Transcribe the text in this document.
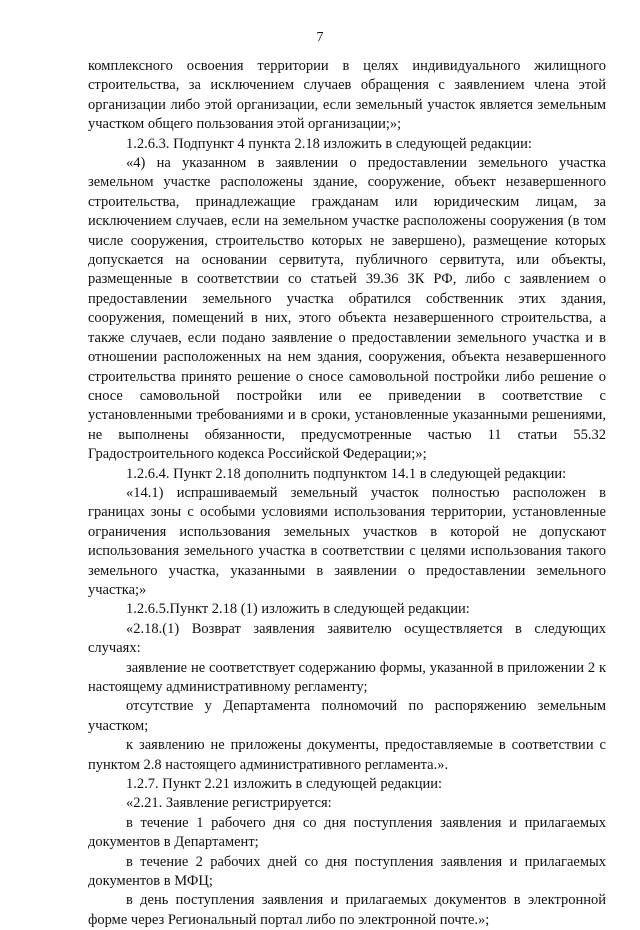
7

комплексного освоения территории в целях индивидуального жилищного строительства, за исключением случаев обращения с заявлением члена этой организации либо этой организации, если земельный участок является земельным участком общего пользования этой организации;»;

1.2.6.3. Подпункт 4 пункта 2.18 изложить в следующей редакции:

«4) на указанном в заявлении о предоставлении земельного участка земельном участке расположены здание, сооружение, объект незавершенного строительства, принадлежащие гражданам или юридическим лицам, за исключением случаев, если на земельном участке расположены сооружения (в том числе сооружения, строительство которых не завершено), размещение которых допускается на основании сервитута, публичного сервитута, или объекты, размещенные в соответствии со статьей 39.36 ЗК РФ, либо с заявлением о предоставлении земельного участка обратился собственник этих здания, сооружения, помещений в них, этого объекта незавершенного строительства, а также случаев, если подано заявление о предоставлении земельного участка и в отношении расположенных на нем здания, сооружения, объекта незавершенного строительства принято решение о сносе самовольной постройки либо решение о сносе самовольной постройки или ее приведении в соответствие с установленными требованиями и в сроки, установленные указанными решениями, не выполнены обязанности, предусмотренные частью 11 статьи 55.32 Градостроительного кодекса Российской Федерации;»;

1.2.6.4. Пункт 2.18 дополнить подпунктом 14.1 в следующей редакции:

«14.1) испрашиваемый земельный участок полностью расположен в границах зоны с особыми условиями использования территории, установленные ограничения использования земельных участков в которой не допускают использования земельного участка в соответствии с целями использования такого земельного участка, указанными в заявлении о предоставлении земельного участка;»

1.2.6.5.Пункт 2.18 (1) изложить в следующей редакции:

«2.18.(1) Возврат заявления заявителю осуществляется в следующих случаях:

заявление не соответствует содержанию формы, указанной в приложении 2 к настоящему административному регламенту;

отсутствие у Департамента полномочий по распоряжению земельным участком;

к заявлению не приложены документы, предоставляемые в соответствии с пунктом 2.8 настоящего административного регламента.».

1.2.7. Пункт 2.21 изложить в следующей редакции:

«2.21. Заявление регистрируется:

в течение 1 рабочего дня со дня поступления заявления и прилагаемых документов в Департамент;

в течение 2 рабочих дней со дня поступления заявления и прилагаемых документов в МФЦ;

в день поступления заявления и прилагаемых документов в электронной форме через Региональный портал либо по электронной почте.»;
